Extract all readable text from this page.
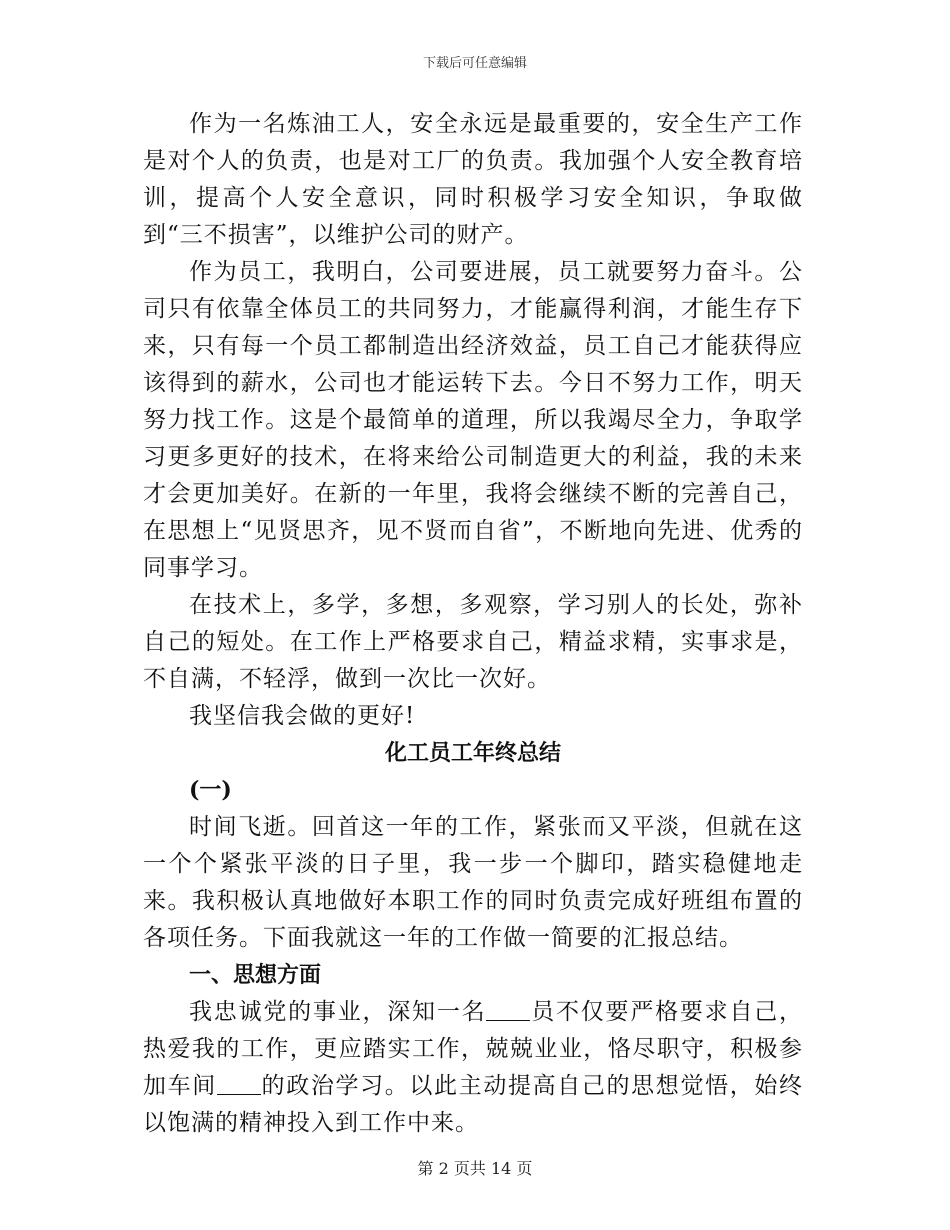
下载后可任意编辑

作为一名炼油工人，安全永远是最重要的，安全生产工作是对个人的负责，也是对工厂的负责。我加强个人安全教育培训，提高个人安全意识，同时积极学习安全知识，争取做到“三不损害”，以维护公司的财产。

作为员工，我明白，公司要进展，员工就要努力奋斗。公司只有依靠全体员工的共同努力，才能赢得利润，才能生存下来，只有每一个员工都制造出经济效益，员工自己才能获得应该得到的薪水，公司也才能运转下去。今日不努力工作，明天努力找工作。这是个最简单的道理，所以我竭尽全力，争取学习更多更好的技术，在将来给公司制造更大的利益，我的未来才会更加美好。在新的一年里，我将会继续不断的完善自己，在思想上“见贤思齐，见不贤而自省”，不断地向先进、优秀的同事学习。

在技术上，多学，多想，多观察，学习别人的长处，弥补自己的短处。在工作上严格要求自己，精益求精，实事求是，不自满，不轻浮，做到一次比一次好。

我坚信我会做的更好!

化工员工年终总结
(一)

时间飞逝。回首这一年的工作，紧张而又平淡，但就在这一个个紧张平淡的日子里，我一步一个脚印，踏实稳健地走来。我积极认真地做好本职工作的同时负责完成好班组布置的各项任务。下面我就这一年的工作做一简要的汇报总结。

一、思想方面

我忠诚党的事业，深知一名 员不仅要严格要求自己，热爱我的工作，更应踏实工作，兢兢业业，恪尽职守，积极参加车间 的政治学习。以此主动提高自己的思想觉悟，始终以饱满的精神投入到工作中来。

第 2 页共 14 页
